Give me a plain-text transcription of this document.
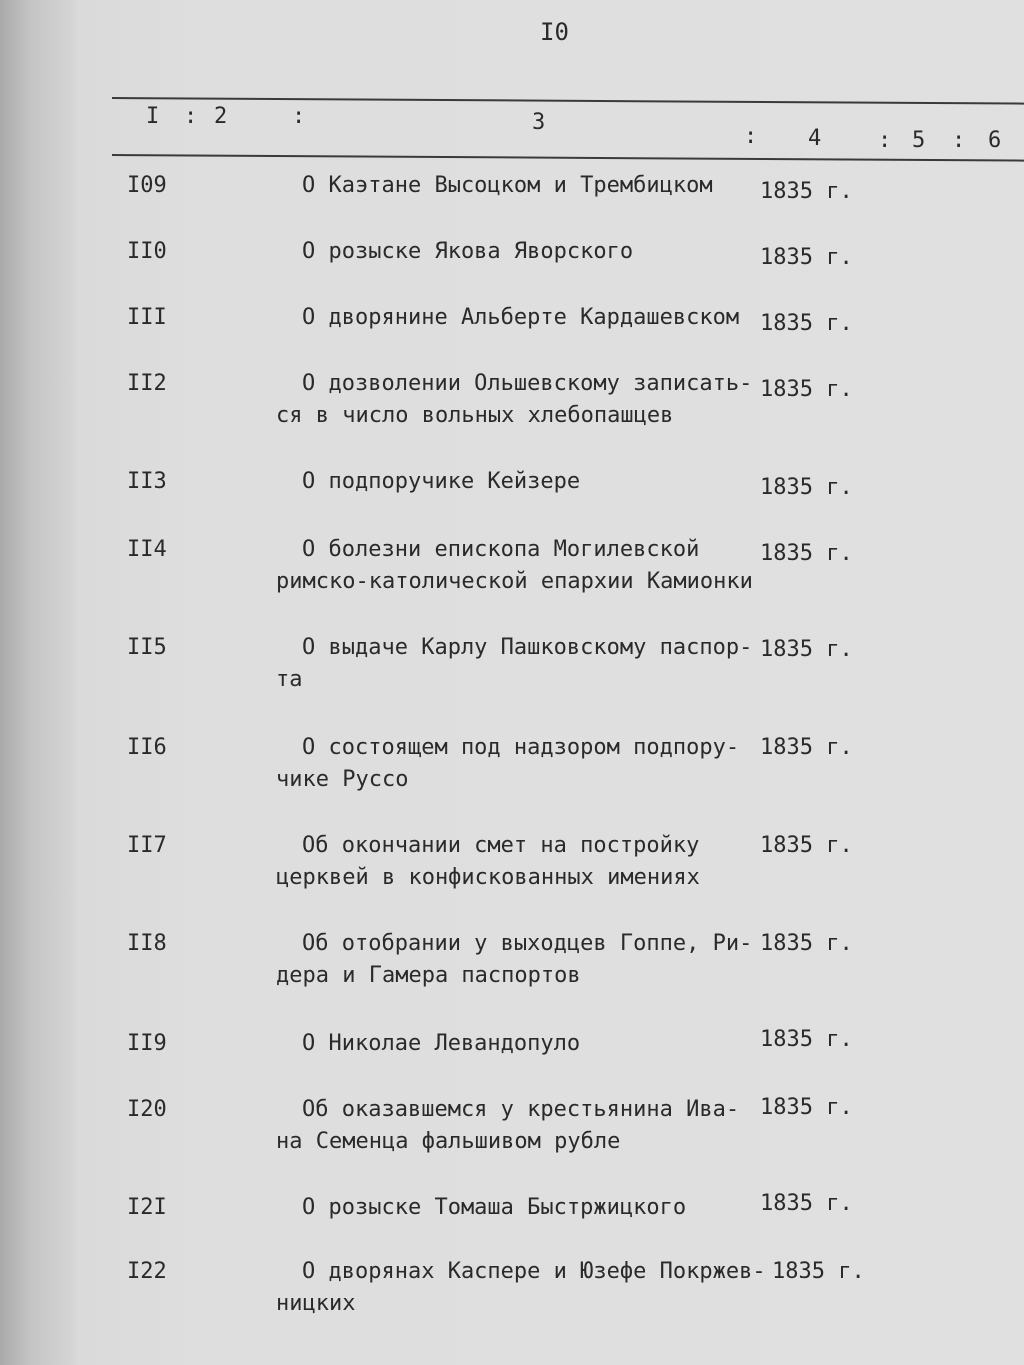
I0
I : 2	:	3
: 4	: 5 : 6
I09	О Каэтане Высоцком и Трембицком 1835 г.
II0	О розыске Якова Яворского	1835 г.
III	О дворянине Альберте Кардашевском 1835 г.
II2	О дозволении Ольшевскому записать- 1835 г.
ся в число вольных хлебопашцев
II3	О подпоручике Кейзере	1835 г.
II4	О болезни епископа Могилевской	1835 г.
римско-католической епархии Камионки
II5	О выдаче Карлу Пашковскому паспор- 1835 г.
та
II6	О состоящем под надзором подпору- 1835 г.
чике Руссо
II7	Об окончании смет на постройку	1835 г.
церквей в конфискованных имениях
II8	Об отобрании у выходцев Гоппе, Ри- 1835 г.
дера и Гамера паспортов
II9	О Николае Левандопуло	1835 г.
I20	Об оказавшемся у крестьянина Ива- 1835 г.
на Семенца фальшивом рубле
I2I	О розыске Томаша Быстржицкого	1835 г.
I22	О дворянах Каспере и Юзефе Покржев- 1835 г.
ницких
